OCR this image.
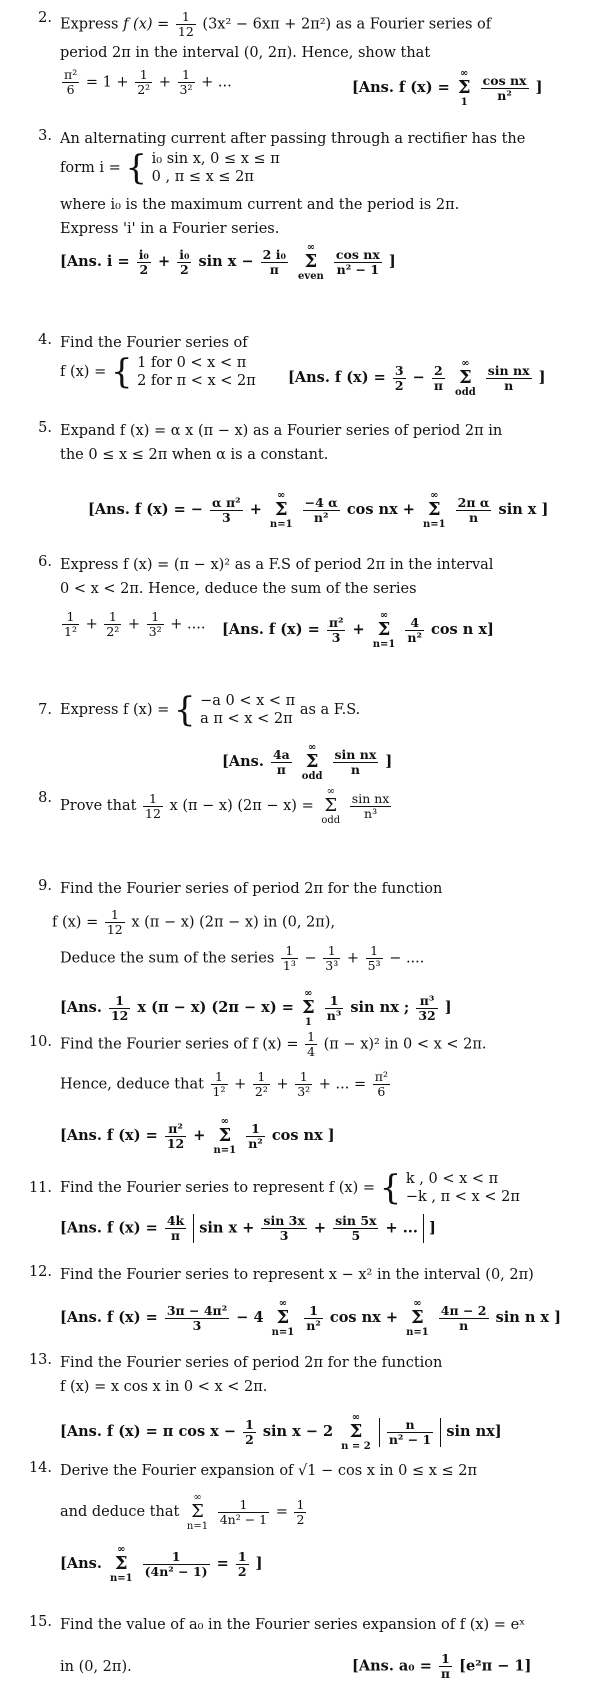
2. Express f $(x) = \frac{1}{12} (3x^2 - 6x\pi + 2\pi^2)$ as a Fourier series of
period 2π in the interval (0, 2π). Hence, show that
$\frac{\text{π²}}{6} = 1 + \frac{1}{\text{2²}} + \frac{1}{\text{3²}}$ + ...	[Ans. f (x) = ∞
Σ
$1 \frac{\text{cos nx}}{\text{n²}}$ ]
3. An alternating current after passing through a rectifier has the
form i = { i₀ sin x, 0 ≤ x ≤ π
0 , π ≤ x ≤ 2π
where i₀ is the maximum current and the period is 2π.
Express 'i' in a Fourier series.
[Ans. $i = \frac{\text{i₀}}{2} + \frac{\text{i₀}}{2}$ $\sin x - \frac{\text{2 i₀}}{\pi}$ ∞
Σ
even $\frac{\text{cos nx}}{\text{n² − 1}}$ ]
4. Find the Fourier series of
f (x) = { 1 for 0 < x < π
2 for π < x < 2π [Ans. f $(x) = \frac{3}{2} - \frac{2}{\pi}$ ∞
Σ
odd $\frac{\text{sin nx}}{n}$ ]
5. Expand f (x) = α x (π − x) as a Fourier series of period 2π in
the 0 ≤ x ≤ 2π when α is a constant.
[Ans. f (x) = − $\frac{\text{α π²}}{3}$ + ∞
Σ
$n=1 \frac{-4 \alpha}{\text{n²}}$ cos nx + ∞
Σ
$n=1 \frac{\text{2π α}}{n}$ sin x ]
6. Express f (x) = (π − x)² as a F.S of period 2π in the interval
0 < x < 2π. Hence, deduce the sum of the series
$\frac{1}{\text{1²}} + \frac{1}{\text{2²}} + \frac{1}{\text{3²}}$ + .... [Ans. f $(x) = \frac{\text{π²}}{3}$ + ∞
Σ
$n=1 \frac{4}{\text{n²}}$ cos n x]
7. Express f (x) = { −a 0 < x < π
a π < x < 2π
as a F.S.
[Ans. $\frac{4a}{\pi}$ ∞
Σ
odd $\frac{\text{sin nx}}{n}$ ]
8. Prove that $\frac{1}{12}$ x (π − x) (2π − x) = ∞
Σ
odd $\frac{\text{sin nx}}{\text{n³}}$
9. Find the Fourier series of period 2π for the function
f $(x) = \frac{1}{12}$ x (π − x) (2π − x) in (0, 2π),
Deduce the sum of the series $\frac{1}{\text{1³}} - \frac{1}{\text{3³}} + \frac{1}{\text{5³}}$ − ....
[Ans. $\frac{1}{12}$ x (π − x) (2π − x) = ∞
Σ
$1 \frac{1}{\text{n³}}$ sin nx ; $\frac{\text{π³}}{32}$ ]
10. Find the Fourier series of f $(x) = \frac{1}{4} (\pi - x)^2$ in 0 < x < 2π.
Hence, deduce that $\frac{1}{\text{1²}} + \frac{1}{\text{2²}} + \frac{1}{\text{3²}}$ + ... = $\frac{\text{π²}}{6}$
[Ans. f $(x) = \frac{\text{π²}}{12}$ + ∞
Σ
$n=1 \frac{1}{\text{n²}}$ cos nx ]
11. Find the Fourier series to represent f (x) = { k , 0 < x < π
−k , π < x < 2π
[Ans. f $(x) = \frac{4k}{\pi}$ $\sin x + \frac{\sin 3x}{3} + \frac{\sin 5x}{5}$ + ... ]
12. Find the Fourier series to represent x − x² in the interval (0, 2π)
[Ans. f $(x) = \frac{\text{3π − 4π²}}{3} - 4$ ∞
Σ
$n=1 \frac{1}{\text{n²}}$ cos nx + ∞
Σ
$n=1 \frac{4\pi - 2}{n}$ sin n x ]
13. Find the Fourier series of period 2π for the function
f (x) = x cos x in 0 < x < 2π.
[Ans. f (x) = π $\cos x - \frac{1}{2}$ sin x − 2 ∞
Σ
$n = 2 \frac{n}{\text{n² − 1}}$ sin nx]
14. Derive the Fourier expansion of √1 − cos x in 0 ≤ x ≤ 2π
and deduce that ∞
Σ
$n=1 \frac{1}{\text{4n² − 1}} = \frac{1}{2}$
[Ans. ∞
Σ
$n=1 \frac{1}{\text{(4n² − 1)}} = \frac{1}{2}$ ]
15. Find the value of a₀ in the Fourier series expansion of f (x) = eˣ
in (0, 2π).	[Ans. $a_0 = \frac{1}{\pi} [e^2\pi - 1]$
